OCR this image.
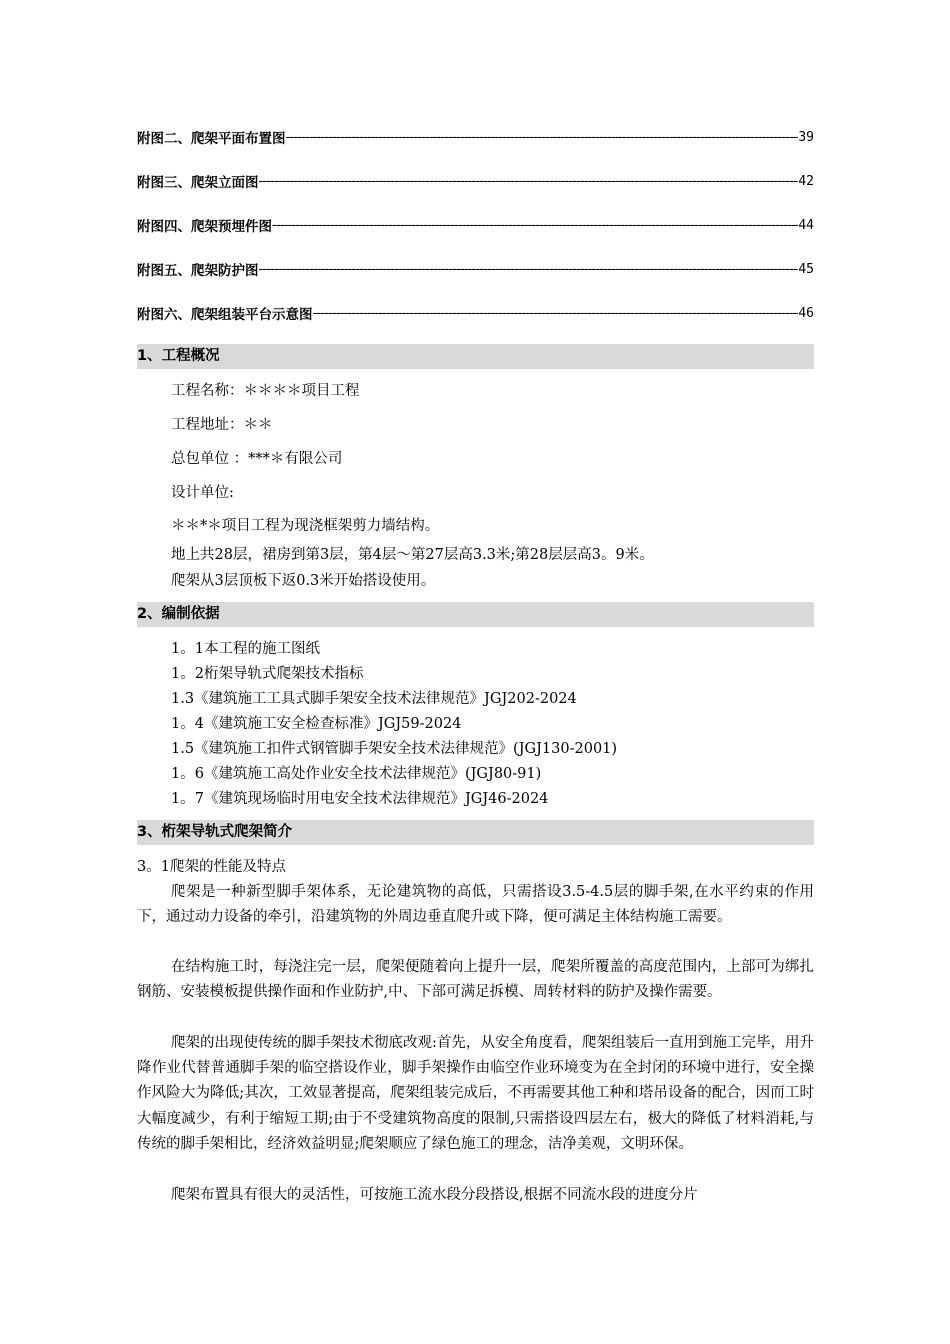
附图二、爬架平面布置图 -----	39
附图三、爬架立面图 -----	42
附图四、爬架预埋件图 -----	44
附图五、爬架防护图 -----	45
附图六、爬架组装平台示意图 -----	46
1、工程概况
工程名称：＊＊＊＊项目工程
工程地址：＊＊
总包单位 ：***＊有限公司
设计单位:
＊＊*＊项目工程为现浇框架剪力墙结构。
地上共28层，裙房到第3层，第4层～第27层高3.3米;第28层层高3。9米。
爬架从3层顶板下返0.3米开始搭设使用。
2、编制依据
1。1本工程的施工图纸
1。2桁架导轨式爬架技术指标
1.3《建筑施工工具式脚手架安全技术法律规范》JGJ202-2024
1。4《建筑施工安全检查标准》JGJ59-2024
1.5《建筑施工扣件式钢管脚手架安全技术法律规范》(JGJ130-2001)
1。6《建筑施工高处作业安全技术法律规范》(JGJ80-91)
1。7《建筑现场临时用电安全技术法律规范》JGJ46-2024
3、桁架导轨式爬架简介
3。1爬架的性能及特点
爬架是一种新型脚手架体系，无论建筑物的高低，只需搭设3.5-4.5层的脚手架,在水平约束的作用下，通过动力设备的牵引，沿建筑物的外周边垂直爬升或下降，便可满足主体结构施工需要。
在结构施工时，每浇注完一层，爬架便随着向上提升一层，爬架所覆盖的高度范围内，上部可为绑扎钢筋、安装模板提供操作面和作业防护,中、下部可满足拆模、周转材料的防护及操作需要。
爬架的出现使传统的脚手架技术彻底改观:首先，从安全角度看，爬架组装后一直用到施工完毕，用升降作业代替普通脚手架的临空搭设作业，脚手架操作由临空作业环境变为在全封闭的环境中进行，安全操作风险大为降低;其次，工效显著提高，爬架组装完成后，不再需要其他工种和塔吊设备的配合，因而工时大幅度减少，有利于缩短工期;由于不受建筑物高度的限制,只需搭设四层左右，极大的降低了材料消耗,与传统的脚手架相比，经济效益明显;爬架顺应了绿色施工的理念，洁净美观，文明环保。
爬架布置具有很大的灵活性，可按施工流水段分段搭设,根据不同流水段的进度分片
